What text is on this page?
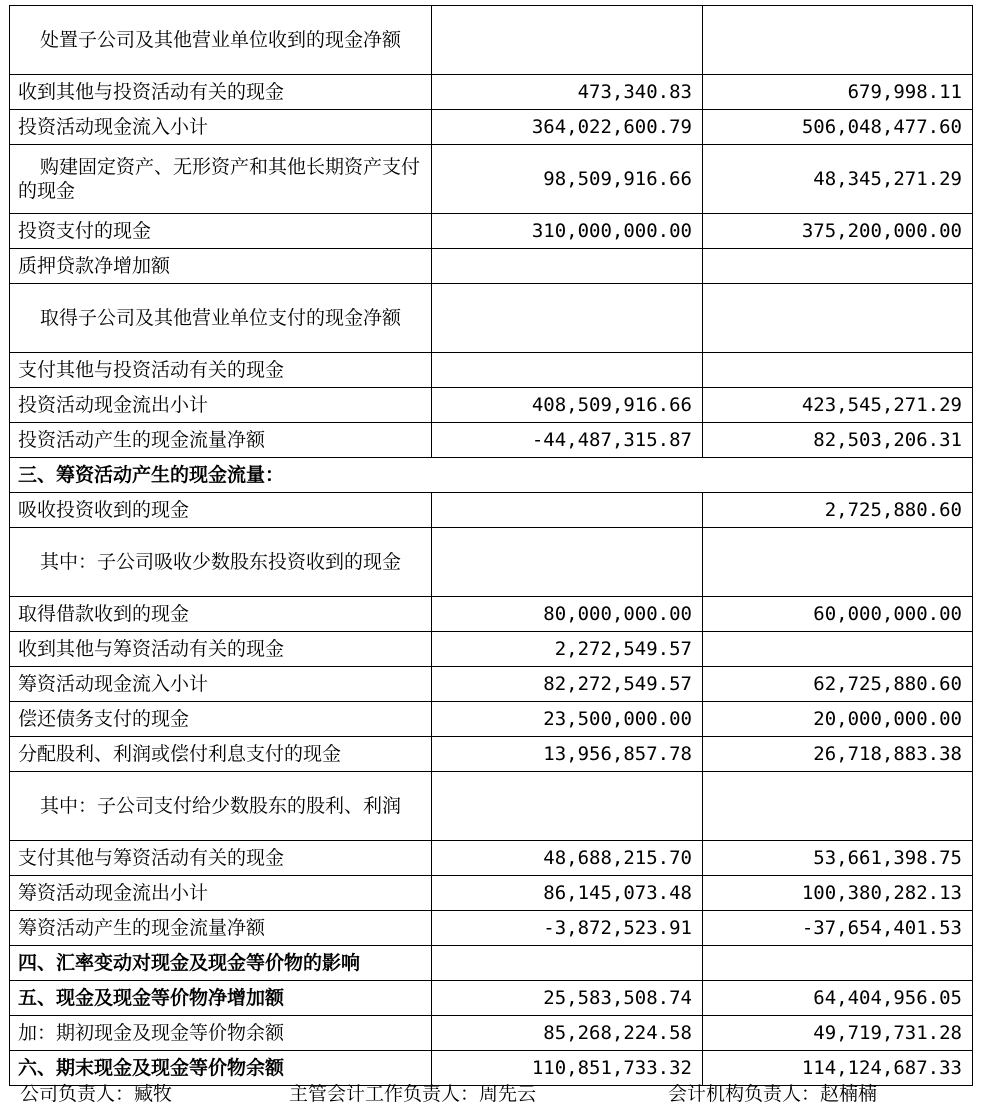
处置子公司及其他营业单位收到的现金净额		
收到其他与投资活动有关的现金	473,340.83	679,998.11
投资活动现金流入小计	364,022,600.79	506,048,477.60
购建固定资产、无形资产和其他长期资产支付的现金	98,509,916.66	48,345,271.29
投资支付的现金	310,000,000.00	375,200,000.00
质押贷款净增加额		
取得子公司及其他营业单位支付的现金净额		
支付其他与投资活动有关的现金		
投资活动现金流出小计	408,509,916.66	423,545,271.29
投资活动产生的现金流量净额	-44,487,315.87	82,503,206.31
三、筹资活动产生的现金流量：		
吸收投资收到的现金		2,725,880.60
其中：子公司吸收少数股东投资收到的现金		
取得借款收到的现金	80,000,000.00	60,000,000.00
收到其他与筹资活动有关的现金	2,272,549.57	
筹资活动现金流入小计	82,272,549.57	62,725,880.60
偿还债务支付的现金	23,500,000.00	20,000,000.00
分配股利、利润或偿付利息支付的现金	13,956,857.78	26,718,883.38
其中：子公司支付给少数股东的股利、利润		
支付其他与筹资活动有关的现金	48,688,215.70	53,661,398.75
筹资活动现金流出小计	86,145,073.48	100,380,282.13
筹资活动产生的现金流量净额	-3,872,523.91	-37,654,401.53
四、汇率变动对现金及现金等价物的影响		
五、现金及现金等价物净增加额	25,583,508.74	64,404,956.05
加：期初现金及现金等价物余额	85,268,224.58	49,719,731.28
六、期末现金及现金等价物余额	110,851,733.32	114,124,687.33
公司负责人：臧牧	主管会计工作负责人：周先云	会计机构负责人：赵楠楠
